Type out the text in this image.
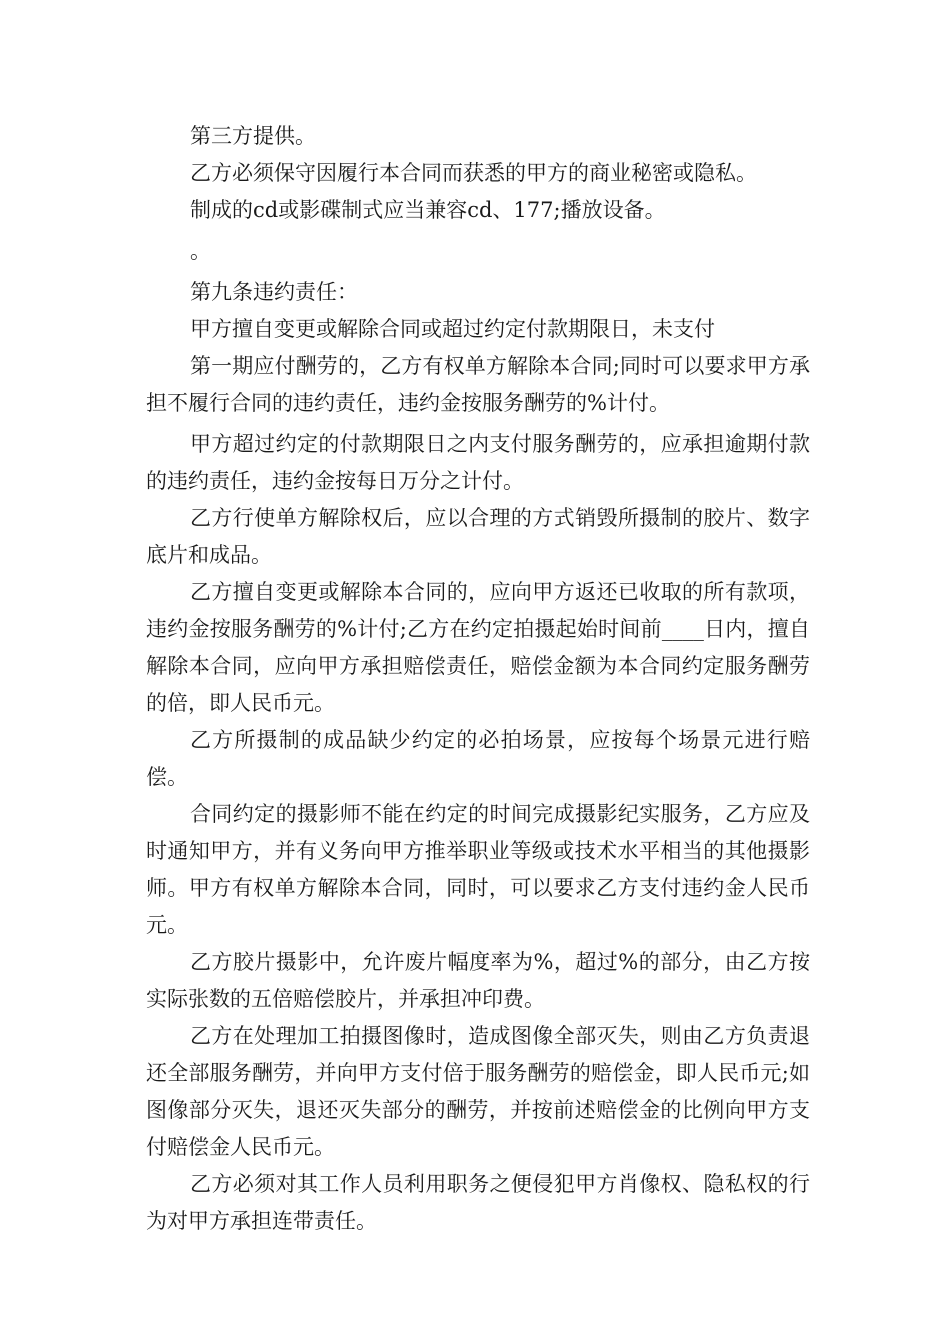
第三方提供。

乙方必须保守因履行本合同而获悉的甲方的商业秘密或隐私。

制成的cd或影碟制式应当兼容cd、177;播放设备。

。

第九条违约责任：

甲方擅自变更或解除合同或超过约定付款期限日，未支付

第一期应付酬劳的，乙方有权单方解除本合同;同时可以要求甲方承担不履行合同的违约责任，违约金按服务酬劳的%计付。

甲方超过约定的付款期限日之内支付服务酬劳的，应承担逾期付款的违约责任，违约金按每日万分之计付。

乙方行使单方解除权后，应以合理的方式销毁所摄制的胶片、数字底片和成品。

乙方擅自变更或解除本合同的，应向甲方返还已收取的所有款项，违约金按服务酬劳的%计付;乙方在约定拍摄起始时间前____日内，擅自解除本合同，应向甲方承担赔偿责任，赔偿金额为本合同约定服务酬劳的倍，即人民币元。

乙方所摄制的成品缺少约定的必拍场景，应按每个场景元进行赔偿。

合同约定的摄影师不能在约定的时间完成摄影纪实服务，乙方应及时通知甲方，并有义务向甲方推举职业等级或技术水平相当的其他摄影师。甲方有权单方解除本合同，同时，可以要求乙方支付违约金人民币元。

乙方胶片摄影中，允许废片幅度率为%，超过%的部分，由乙方按实际张数的五倍赔偿胶片，并承担冲印费。

乙方在处理加工拍摄图像时，造成图像全部灭失，则由乙方负责退还全部服务酬劳，并向甲方支付倍于服务酬劳的赔偿金，即人民币元;如图像部分灭失，退还灭失部分的酬劳，并按前述赔偿金的比例向甲方支付赔偿金人民币元。

乙方必须对其工作人员利用职务之便侵犯甲方肖像权、隐私权的行为对甲方承担连带责任。
